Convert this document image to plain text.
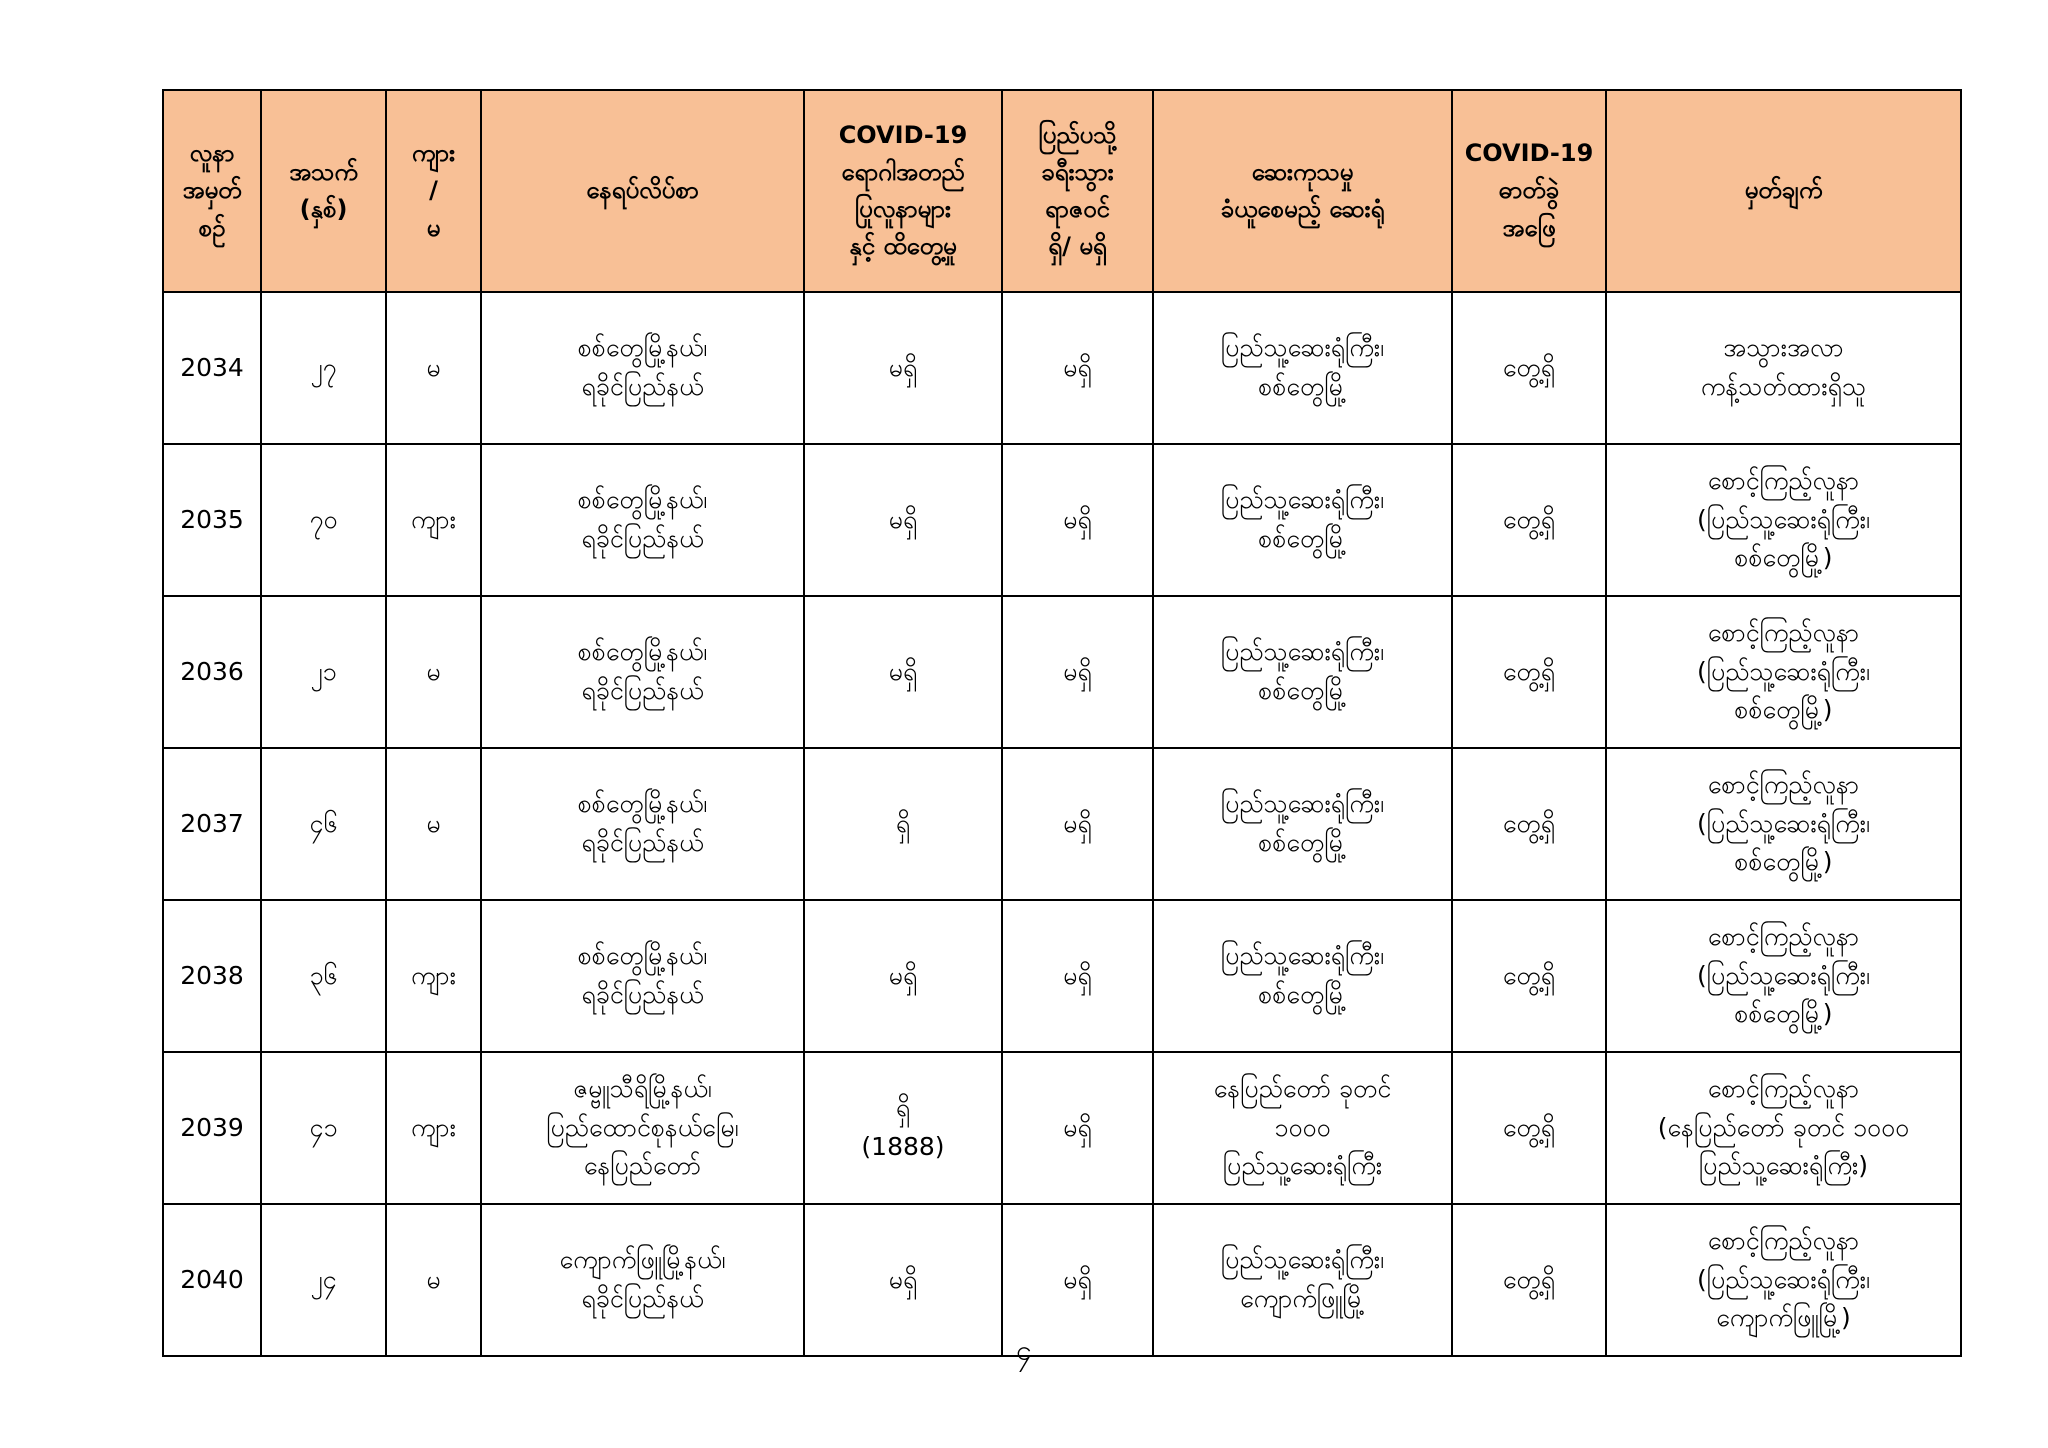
လူနာ
အမှတ်
စဉ်	အသက်
(နှစ်)	ကျား
/
မ	နေရပ်လိပ်စာ	COVID-19
ရောဂါအတည်
ပြုလူနာများ
နှင့် ထိတွေ့မှု	ပြည်ပသို့
ခရီးသွား
ရာဇဝင်
ရှိ/ မရှိ	ဆေးကုသမှု
ခံယူစေမည့် ဆေးရုံ	COVID-19
ဓာတ်ခွဲ
အဖြေ	မှတ်ချက်

2034	၂၇	မ	စစ်တွေမြို့နယ်၊
ရခိုင်ပြည်နယ်	မရှိ	မရှိ	ပြည်သူ့ဆေးရုံကြီး၊
စစ်တွေမြို့	တွေ့ရှိ	အသွားအလာ
ကန့်သတ်ထားရှိသူ

2035	၇၀	ကျား	စစ်တွေမြို့နယ်၊
ရခိုင်ပြည်နယ်	မရှိ	မရှိ	ပြည်သူ့ဆေးရုံကြီး၊
စစ်တွေမြို့	တွေ့ရှိ	စောင့်ကြည့်လူနာ
(ပြည်သူ့ဆေးရုံကြီး၊
စစ်တွေမြို့)

2036	၂၁	မ	စစ်တွေမြို့နယ်၊
ရခိုင်ပြည်နယ်	မရှိ	မရှိ	ပြည်သူ့ဆေးရုံကြီး၊
စစ်တွေမြို့	တွေ့ရှိ	စောင့်ကြည့်လူနာ
(ပြည်သူ့ဆေးရုံကြီး၊
စစ်တွေမြို့)

2037	၄၆	မ	စစ်တွေမြို့နယ်၊
ရခိုင်ပြည်နယ်	ရှိ	မရှိ	ပြည်သူ့ဆေးရုံကြီး၊
စစ်တွေမြို့	တွေ့ရှိ	စောင့်ကြည့်လူနာ
(ပြည်သူ့ဆေးရုံကြီး၊
စစ်တွေမြို့)

2038	၃၆	ကျား	စစ်တွေမြို့နယ်၊
ရခိုင်ပြည်နယ်	မရှိ	မရှိ	ပြည်သူ့ဆေးရုံကြီး၊
စစ်တွေမြို့	တွေ့ရှိ	စောင့်ကြည့်လူနာ
(ပြည်သူ့ဆေးရုံကြီး၊
စစ်တွေမြို့)

2039	၄၁	ကျား	ဇမ္ဗူသီရိမြို့နယ်၊
ပြည်ထောင်စုနယ်မြေ၊
နေပြည်တော်	ရှိ
(1888)	မရှိ	နေပြည်တော် ခုတင်
၁၀၀၀
ပြည်သူ့ဆေးရုံကြီး	တွေ့ရှိ	စောင့်ကြည့်လူနာ
(နေပြည်တော် ခုတင် ၁၀၀၀
ပြည်သူ့ဆေးရုံကြီး)

2040	၂၄	မ	ကျောက်ဖြူမြို့နယ်၊
ရခိုင်ပြည်နယ်	မရှိ	မရှိ	ပြည်သူ့ဆေးရုံကြီး၊
ကျောက်ဖြူမြို့	တွေ့ရှိ	စောင့်ကြည့်လူနာ
(ပြည်သူ့ဆေးရုံကြီး၊
ကျောက်ဖြူမြို့)
၄
